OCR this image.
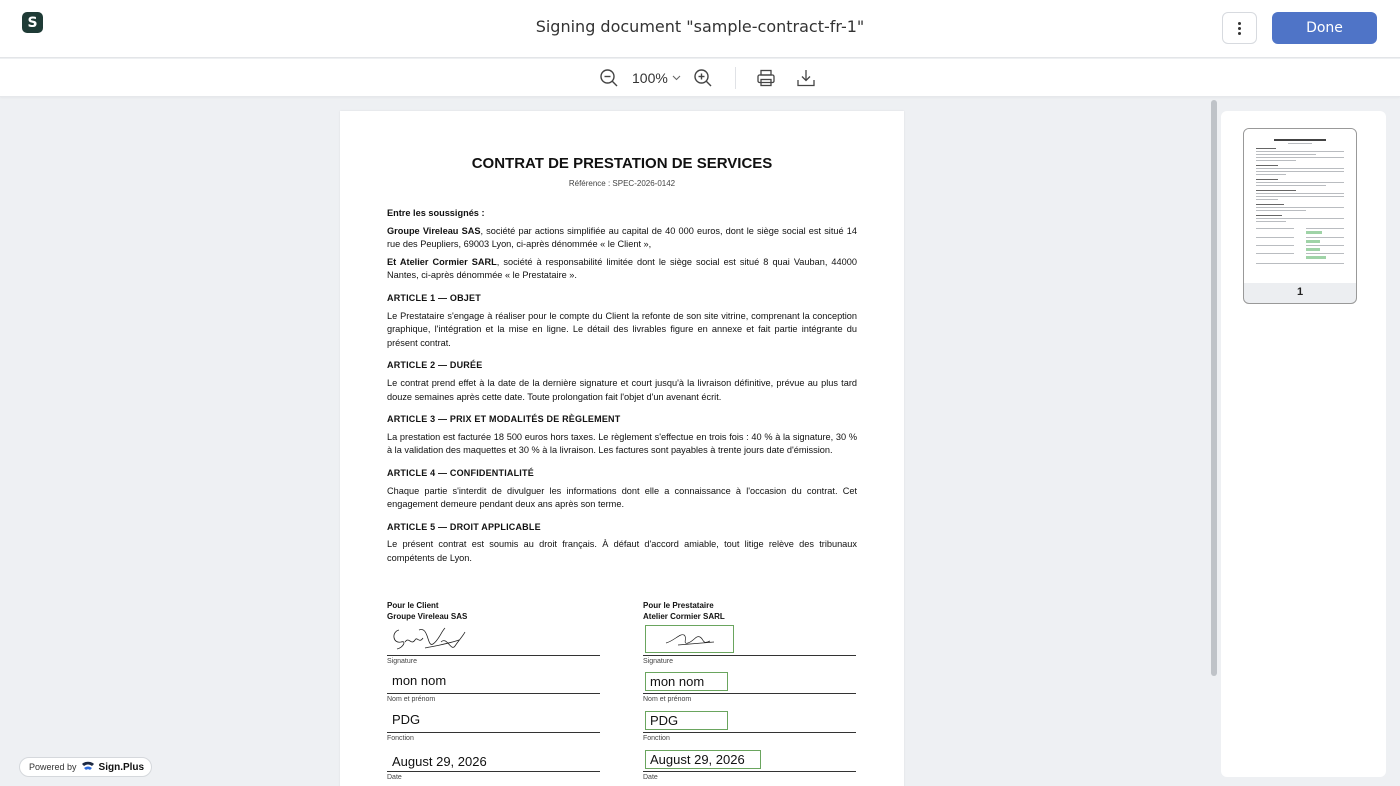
S	Signing document "sample-contract-fr-1"	Done
100%
CONTRAT DE PRESTATION DE SERVICES
Référence : SPEC-2026-0142

Entre les soussignés :

Groupe Vireleau SAS, société par actions simplifiée au capital de 40 000 euros, dont le siège social est situé 14 rue des Peupliers, 69003 Lyon, ci-après dénommée « le Client »,

Et Atelier Cormier SARL, société à responsabilité limitée dont le siège social est situé 8 quai Vauban, 44000 Nantes, ci-après dénommée « le Prestataire ».

ARTICLE 1 — OBJET

Le Prestataire s'engage à réaliser pour le compte du Client la refonte de son site vitrine, comprenant la conception graphique, l'intégration et la mise en ligne. Le détail des livrables figure en annexe et fait partie intégrante du présent contrat.

ARTICLE 2 — DURÉE

Le contrat prend effet à la date de la dernière signature et court jusqu'à la livraison définitive, prévue au plus tard douze semaines après cette date. Toute prolongation fait l'objet d'un avenant écrit.

ARTICLE 3 — PRIX ET MODALITÉS DE RÈGLEMENT

La prestation est facturée 18 500 euros hors taxes. Le règlement s'effectue en trois fois : 40 % à la signature, 30 % à la validation des maquettes et 30 % à la livraison. Les factures sont payables à trente jours date d'émission.

ARTICLE 4 — CONFIDENTIALITÉ

Chaque partie s'interdit de divulguer les informations dont elle a connaissance à l'occasion du contrat. Cet engagement demeure pendant deux ans après son terme.

ARTICLE 5 — DROIT APPLICABLE

Le présent contrat est soumis au droit français. À défaut d'accord amiable, tout litige relève des tribunaux compétents de Lyon.

Pour le Client
Groupe Vireleau SAS
Signature
mon nom
Nom et prénom
PDG
Fonction
August 29, 2026
Date
Pour le Prestataire
Atelier Cormier SARL
Signature
mon nom
Nom et prénom
PDG
Fonction
August 29, 2026
Date
1
Powered by Sign.Plus
